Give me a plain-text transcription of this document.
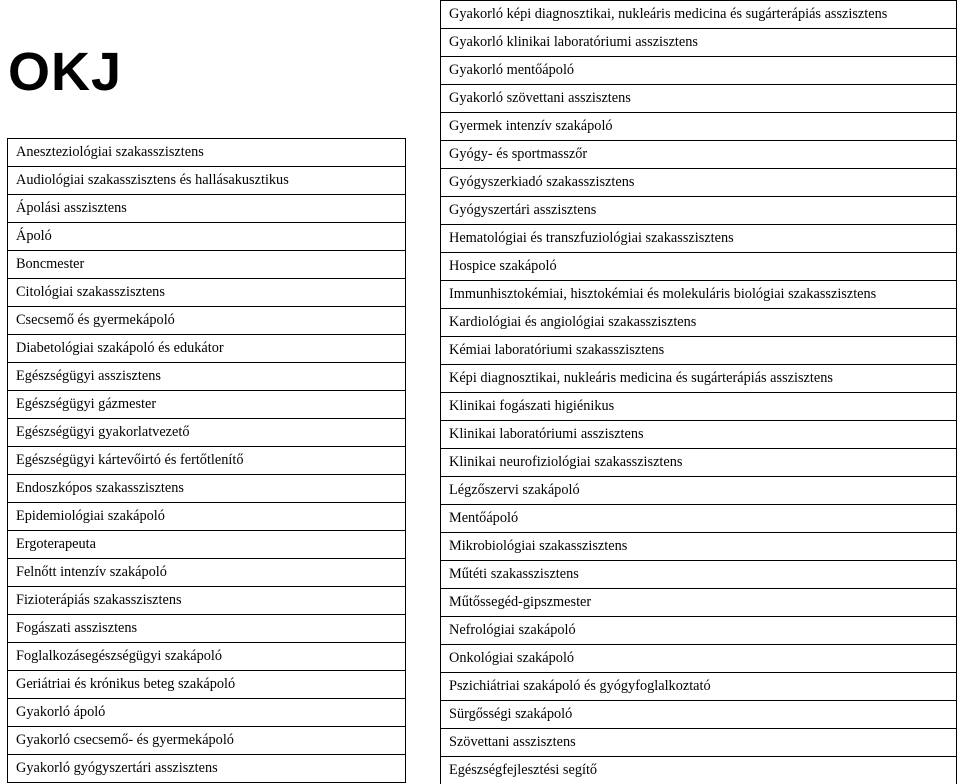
OKJ
Aneszteziológiai szakasszisztens
Audiológiai szakasszisztens és hallásakusztikus
Ápolási asszisztens
Ápoló
Boncmester
Citológiai szakasszisztens
Csecsemő és gyermekápoló
Diabetológiai szakápoló és edukátor
Egészségügyi asszisztens
Egészségügyi gázmester
Egészségügyi gyakorlatvezető
Egészségügyi kártevőirtó és fertőtlenítő
Endoszkópos szakasszisztens
Epidemiológiai szakápoló
Ergoterapeuta
Felnőtt intenzív szakápoló
Fizioterápiás szakasszisztens
Fogászati asszisztens
Foglalkozásegészségügyi szakápoló
Geriátriai és krónikus beteg szakápoló
Gyakorló ápoló
Gyakorló csecsemő- és gyermekápoló
Gyakorló gyógyszertári asszisztens
Gyakorló képi diagnosztikai, nukleáris medicina és sugárterápiás asszisztens
Gyakorló klinikai laboratóriumi asszisztens
Gyakorló mentőápoló
Gyakorló szövettani asszisztens
Gyermek intenzív szakápoló
Gyógy- és sportmasszőr
Gyógyszerkiadó szakasszisztens
Gyógyszertári asszisztens
Hematológiai és transzfuziológiai szakasszisztens
Hospice szakápoló
Immunhisztokémiai, hisztokémiai és molekuláris biológiai szakasszisztens
Kardiológiai és angiológiai szakasszisztens
Kémiai laboratóriumi szakasszisztens
Képi diagnosztikai, nukleáris medicina és sugárterápiás asszisztens
Klinikai fogászati higiénikus
Klinikai laboratóriumi asszisztens
Klinikai neurofiziológiai szakasszisztens
Légzőszervi szakápoló
Mentőápoló
Mikrobiológiai szakasszisztens
Műtéti szakasszisztens
Műtőssegéd-gipszmester
Nefrológiai szakápoló
Onkológiai szakápoló
Pszichiátriai szakápoló és gyógyfoglalkoztató
Sürgősségi szakápoló
Szövettani asszisztens
Egészségfejlesztési segítő
